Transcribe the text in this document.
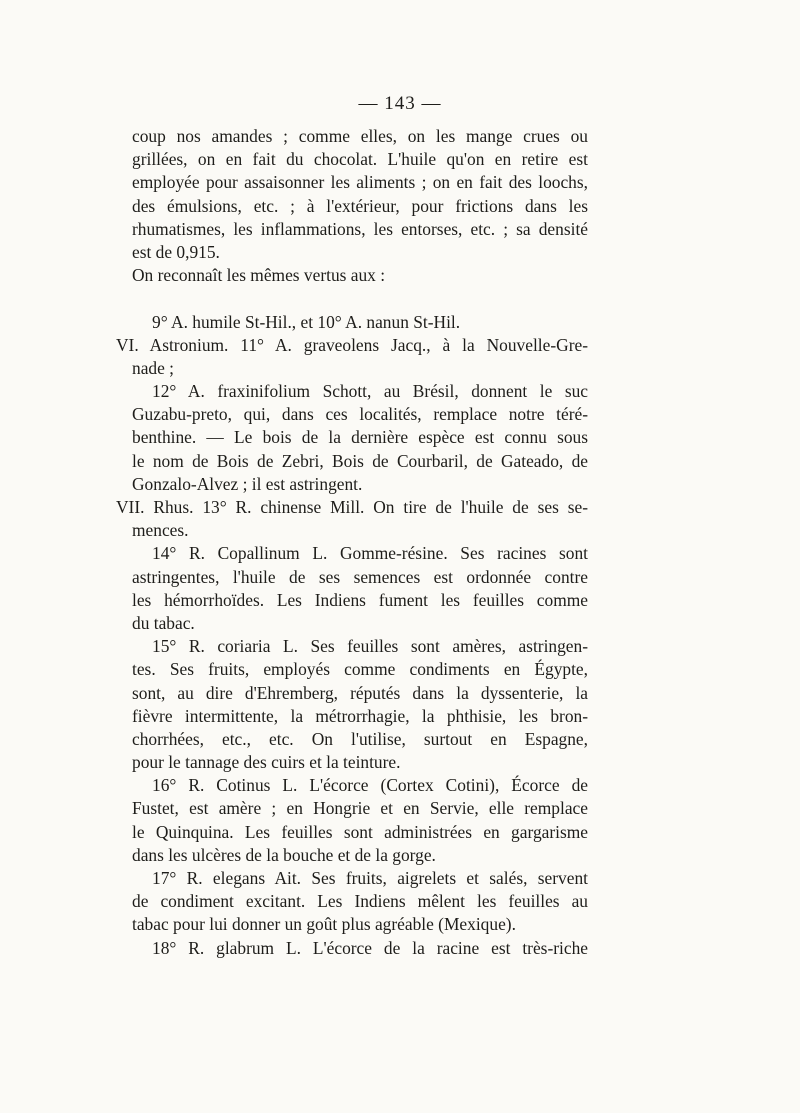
— 143 —
coup nos amandes ; comme elles, on les mange crues ou
grillées, on en fait du chocolat. L'huile qu'on en retire est
employée pour assaisonner les aliments ; on en fait des loochs,
des émulsions, etc. ; à l'extérieur, pour frictions dans les
rhumatismes, les inflammations, les entorses, etc. ; sa densité
est de 0,915.
On reconnaît les mêmes vertus aux :
9° A. humile St-Hil., et 10° A. nanun St-Hil.
VI. Astronium. 11° A. graveolens Jacq., à la Nouvelle-Gre-
nade ;
12° A. fraxinifolium Schott, au Brésil, donnent le suc
Guzabu-preto, qui, dans ces localités, remplace notre téré-
benthine. — Le bois de la dernière espèce est connu sous
le nom de Bois de Zebri, Bois de Courbaril, de Gateado, de
Gonzalo-Alvez ; il est astringent.
VII. Rhus. 13° R. chinense Mill. On tire de l'huile de ses se-
mences.
14° R. Copallinum L. Gomme-résine. Ses racines sont
astringentes, l'huile de ses semences est ordonnée contre
les hémorrhoïdes. Les Indiens fument les feuilles comme
du tabac.
15° R. coriaria L. Ses feuilles sont amères, astringen-
tes. Ses fruits, employés comme condiments en Égypte,
sont, au dire d'Ehremberg, réputés dans la dyssenterie, la
fièvre intermittente, la métrorrhagie, la phthisie, les bron-
chorrhées, etc., etc. On l'utilise, surtout en Espagne,
pour le tannage des cuirs et la teinture.
16° R. Cotinus L. L'écorce (Cortex Cotini), Écorce de
Fustet, est amère ; en Hongrie et en Servie, elle remplace
le Quinquina. Les feuilles sont administrées en gargarisme
dans les ulcères de la bouche et de la gorge.
17° R. elegans Ait. Ses fruits, aigrelets et salés, servent
de condiment excitant. Les Indiens mêlent les feuilles au
tabac pour lui donner un goût plus agréable (Mexique).
18° R. glabrum L. L'écorce de la racine est très-riche
